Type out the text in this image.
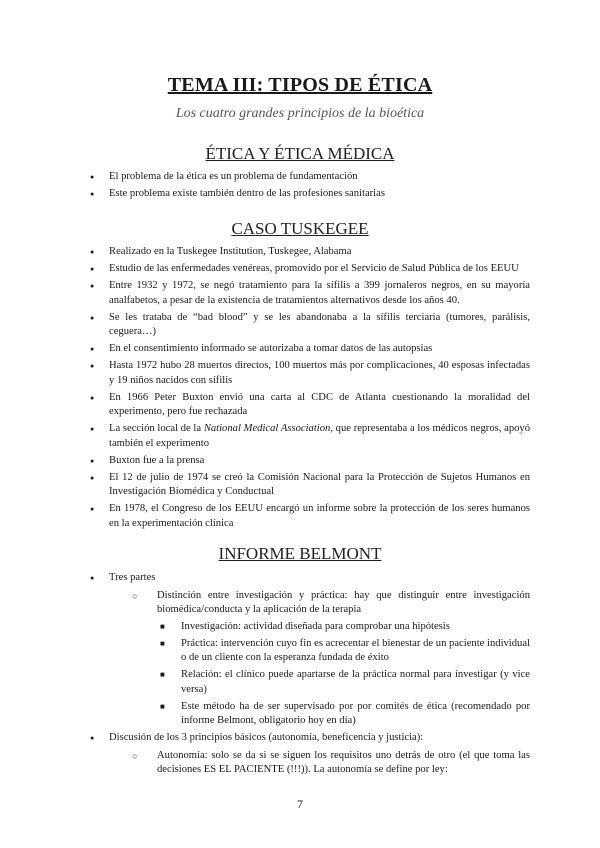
TEMA III: TIPOS DE ÉTICA
Los cuatro grandes principios de la bioética
ÉTICA Y ÉTICA MÉDICA
● El problema de la ética es un problema de fundamentación
● Este problema existe también dentro de las profesiones sanitarias
CASO TUSKEGEE
● Realizado en la Tuskegee Institution, Tuskegee, Alabama
● Estudio de las enfermedades venéreas, promovido por el Servicio de Salud Pública de los EEUU
● Entre 1932 y 1972, se negó tratamiento para la sífilis a 399 jornaleros negros, en su mayoría analfabetos, a pesar de la existencia de tratamientos alternativos desde los años 40.
● Se les trataba de “bad blood” y se les abandonaba a la sífilis terciaria (tumores, parálisis, ceguera…)
● En el consentimiento informado se autorizaba a tomar datos de las autopsias
● Hasta 1972 hubo 28 muertos directos, 100 muertos más por complicaciones, 40 esposas infectadas y 19 niños nacidos con sífilis
● En 1966 Peter Buxton envió una carta al CDC de Atlanta cuestionando la moralidad del experimento, pero fue rechazada
● La sección local de la National Medical Association, que representaba a los médicos negros, apoyó también el experimento
● Buxton fue a la prensa
● El 12 de julio de 1974 se creó la Comisión Nacional para la Protección de Sujetos Humanos en Investigación Biomédica y Conductual
● En 1978, el Congreso de los EEUU encargó un informe sobre la protección de los seres humanos en la experimentación clínica
INFORME BELMONT
● Tres partes
○ Distinción entre investigación y práctica: hay que distinguir entre investigación biomédica/conducta y la aplicación de la terapia
■ Investigación: actividad diseñada para comprobar una hipótesis
■ Práctica: intervención cuyo fin es acrecentar el bienestar de un paciente individual o de un cliente con la esperanza fundada de éxito
■ Relación: el clínico puede apartarse de la práctica normal para investigar (y vice versa)
■ Este método ha de ser supervisado por por comités de ética (recomendado por informe Belmont, obligatorio hoy en día)
● Discusión de los 3 principios básicos (autonomía, beneficencia y justicia):
○ Autonomía: solo se da si se siguen los requisitos uno detrás de otro (el que toma las decisiones ES EL PACIENTE (!!!)). La autonomía se define por ley:
7
